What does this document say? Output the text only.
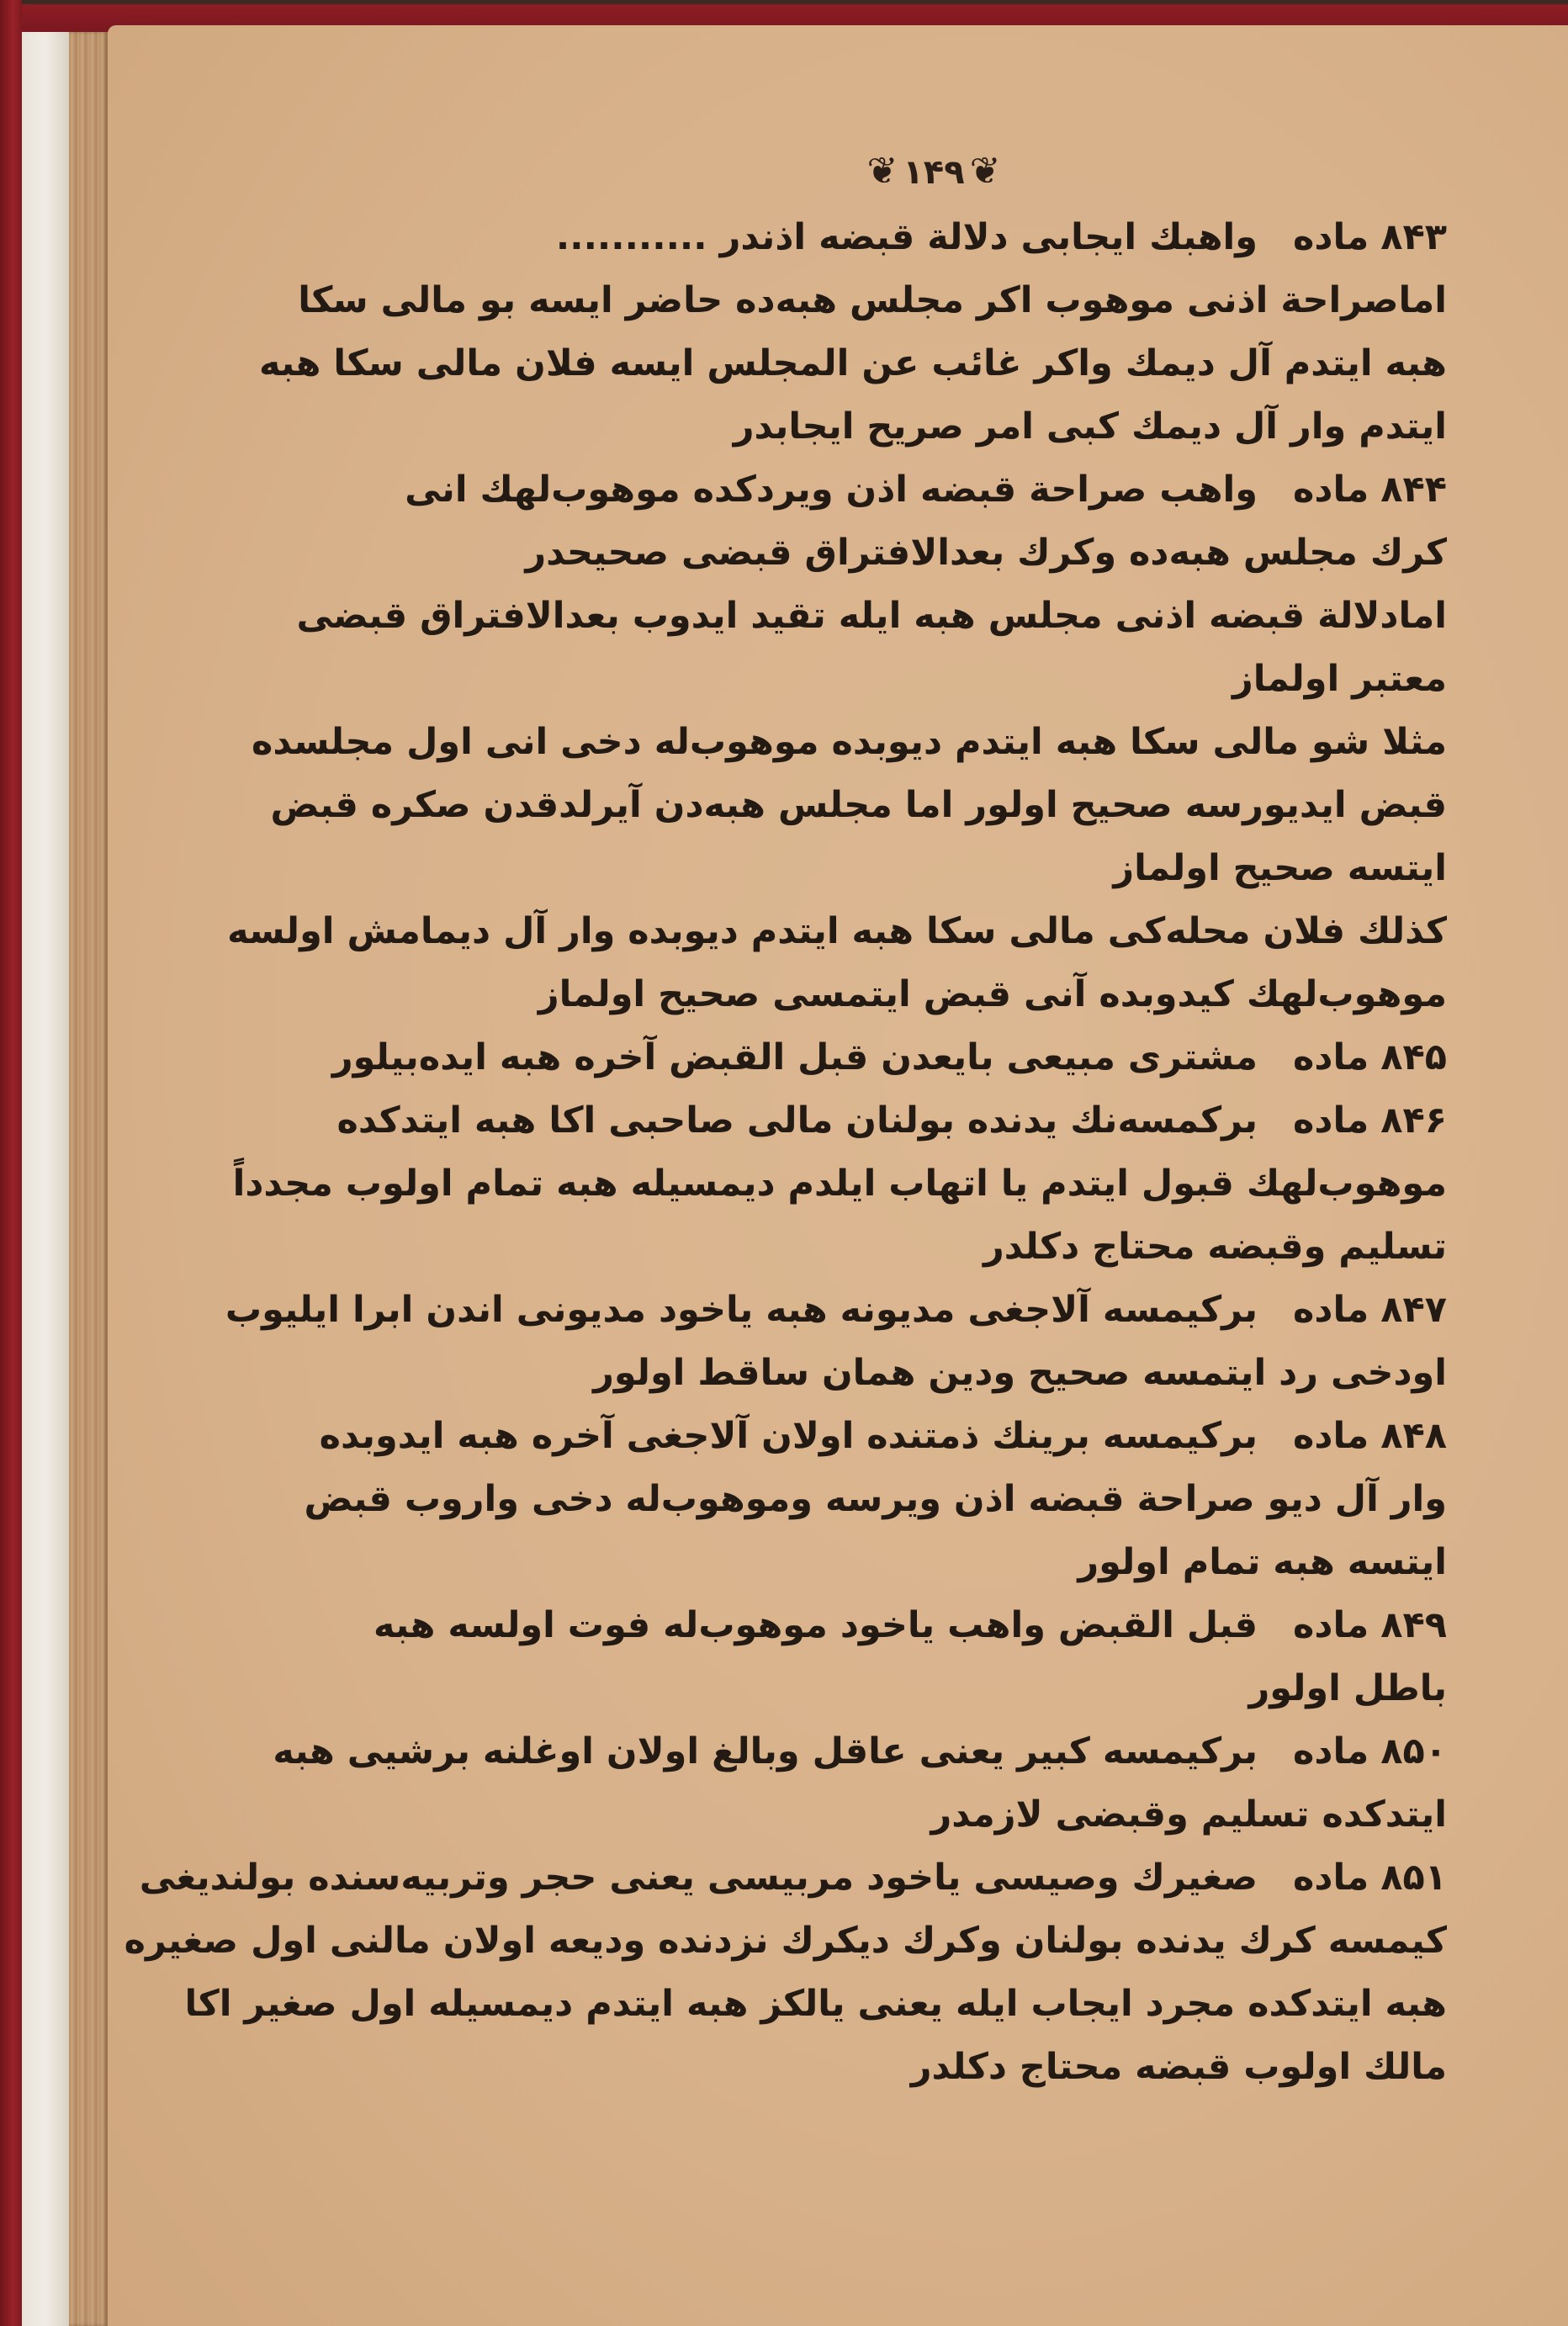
❦۱۴۹❦
۸۴۳ماده
واهبك ایجابی دلالة قبضه اذندر ...........
اماصراحة اذنی موهوب اکر مجلس هبه‌ده حاضر ایسه بو مالی سکا
هبه ایتدم آل دیمك واکر غائب عن المجلس ایسه فلان مالی سکا هبه
ایتدم وار آل دیمك کبی امر صریح ایجابدر
۸۴۴ماده
واهب صراحة قبضه اذن ویردکده موهوب‌لهك انی
کرك مجلس هبه‌ده وکرك بعدالافتراق قبضی صحیحدر
امادلالة قبضه اذنی مجلس هبه ایله تقید ایدوب بعدالافتراق قبضی
معتبر اولماز
مثلا شو مالی سکا هبه ایتدم دیوبده موهوب‌له دخی انی اول مجلسده
قبض ایدیورسه صحیح اولور اما مجلس هبه‌دن آیرلدقدن صکره قبض
ایتسه صحیح اولماز
کذلك فلان محله‌کی مالی سکا هبه ایتدم دیوبده وار آل دیمامش اولسه
موهوب‌لهك کیدوبده آنی قبض ایتمسی صحیح اولماز
۸۴۵ماده
مشتری مبیعی بایعدن قبل القبض آخره هبه ایده‌بیلور
۸۴۶ماده
برکمسه‌نك یدنده بولنان مالی صاحبی اکا هبه ایتدکده
موهوب‌لهك قبول ایتدم یا اتهاب ایلدم دیمسیله هبه تمام اولوب مجدداً
تسلیم وقبضه محتاج دکلدر
۸۴۷ماده
برکیمسه آلاجغی مدیونه هبه یاخود مدیونی اندن ابرا ایلیوب
اودخی رد ایتمسه صحیح ودین همان ساقط اولور
۸۴۸ماده
برکیمسه برینك ذمتنده اولان آلاجغی آخره هبه ایدوبده
وار آل دیو صراحة قبضه اذن ویرسه وموهوب‌له دخی واروب قبض
ایتسه هبه تمام اولور
۸۴۹ماده
قبل القبض واهب یاخود موهوب‌له فوت اولسه هبه
باطل اولور
۸۵۰ماده
برکیمسه کبیر یعنی عاقل وبالغ اولان اوغلنه برشیی هبه
ایتدکده تسلیم وقبضی لازمدر
۸۵۱ماده
صغیرك وصیسی یاخود مربیسی یعنی حجر وتربیه‌سنده بولندیغی
کیمسه کرك یدنده بولنان وکرك دیکرك نزدنده ودیعه اولان مالنی اول صغیره
هبه ایتدکده مجرد ایجاب ایله یعنی یالکز هبه ایتدم دیمسیله اول صغیر اکا
مالك اولوب قبضه محتاج دکلدر
